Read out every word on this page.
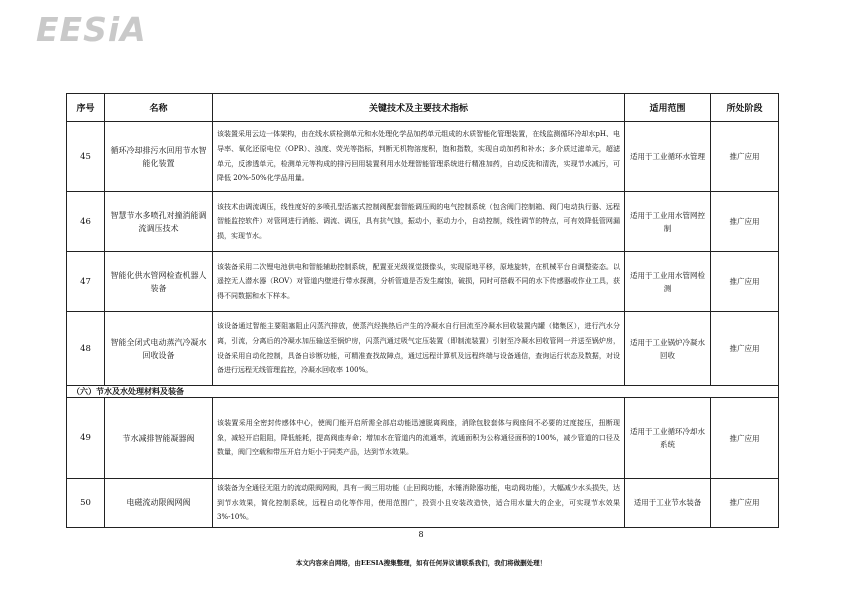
EESiA
序号	名称	关键技术及主要技术指标	适用范围	所处阶段
45	循环冷却排污水回用节水智能化装置	该装置采用云边一体架构，由在线水质检测单元和水处理化学品加药单元组成的水质智能化管理装置，在线监测循环冷却水pH、电导率、氧化还原电位（OPR）、浊度、荧光等指标，判断无机物溶度积，饱和指数，实现自动加药和补水；多介质过滤单元，超滤单元，反渗透单元，检测单元等构成的排污回用装置利用水处理智能管理系统进行精准加药，自动反洗和清洗，实现节水减污，可降低 20%-50%化学品用量。	适用于工业循环水管理	推广应用
46	智慧节水多喷孔对撞消能调流调压技术	该技术由调流调压，线性度好的多喷孔型活塞式控制阀配套智能调压阀的电气控制系统（包含阀门控制箱、阀门电动执行器、远程智能监控软件）对管网进行消能、调流、调压，具有抗气蚀，振动小，驱动力小，自动控制，线性调节的特点，可有效降低管网漏损，实现节水。	适用于工业用水管网控制	推广应用
47	智能化供水管网检查机器人装备	该装备采用二次锂电池供电和智能辅助控制系统，配置亚光级视觉摄像头，实现原地平移，原地旋转，在机械平台自调整姿态。以遥控无人潜水器（ROV）对管道内壁进行带水探测，分析管道是否发生腐蚀，破损，同时可搭载不同的水下传感器或作业工具，获得不同数据和水下样本。	适用于工业用水管网检测	推广应用
48	智能全闭式电动蒸汽冷凝水回收设备	该设备通过智能主要阻塞阻止闪蒸汽排放，使蒸汽经换热后产生的冷凝水自行回流至冷凝水回收装置内罐（储集区），进行汽水分离，引流，分离后的冷凝水加压输送至锅炉房，闪蒸汽通过吸气定压装置（即制流装置）引射至冷凝水回收管网一并送至锅炉房，设备采用自动化控制，具备自诊断功能，可精准查找故障点，通过远程计算机及远程终端与设备通信，查询运行状态及数据，对设备进行远程无线管理监控，冷凝水回收率 100%。	适用于工业锅炉冷凝水回收	推广应用
（六）节水及水处理材料及装备				
49	节水减排智能凝器阀	该装置采用全密封传感体中心，使阀门能开启所需全部启动能迅速脱离阀座，消除包胶套体与阀座间不必要的过度接压，扭断现象，减轻开启阻阻，降低能耗，提高阀座寿命；增加水在管道内的流通率，流通面积为公称通径面积的100%，减少管道的口径及数量，阀门空载和带压开启力矩小于同类产品，达到节水效果。	适用于工业循环冷却水系统	推广应用
50	电磁流动限阀网阀	该装备为全通径无阻力的流动限阀网阀，具有一阀三用功能（止回阀功能，水锤消除器功能，电动阀功能），大幅减少水头损失，达到节水效果，简化控制系统，远程自动化等作用，使用范围广，投资小且安装改造快，适合用水量大的企业，可实现节水效果 3%-10%。	适用于工业节水装备	推广应用
8
本文内容来自网络，由EESIA搜集整理，如有任何异议请联系我们，我们将做删处理！
